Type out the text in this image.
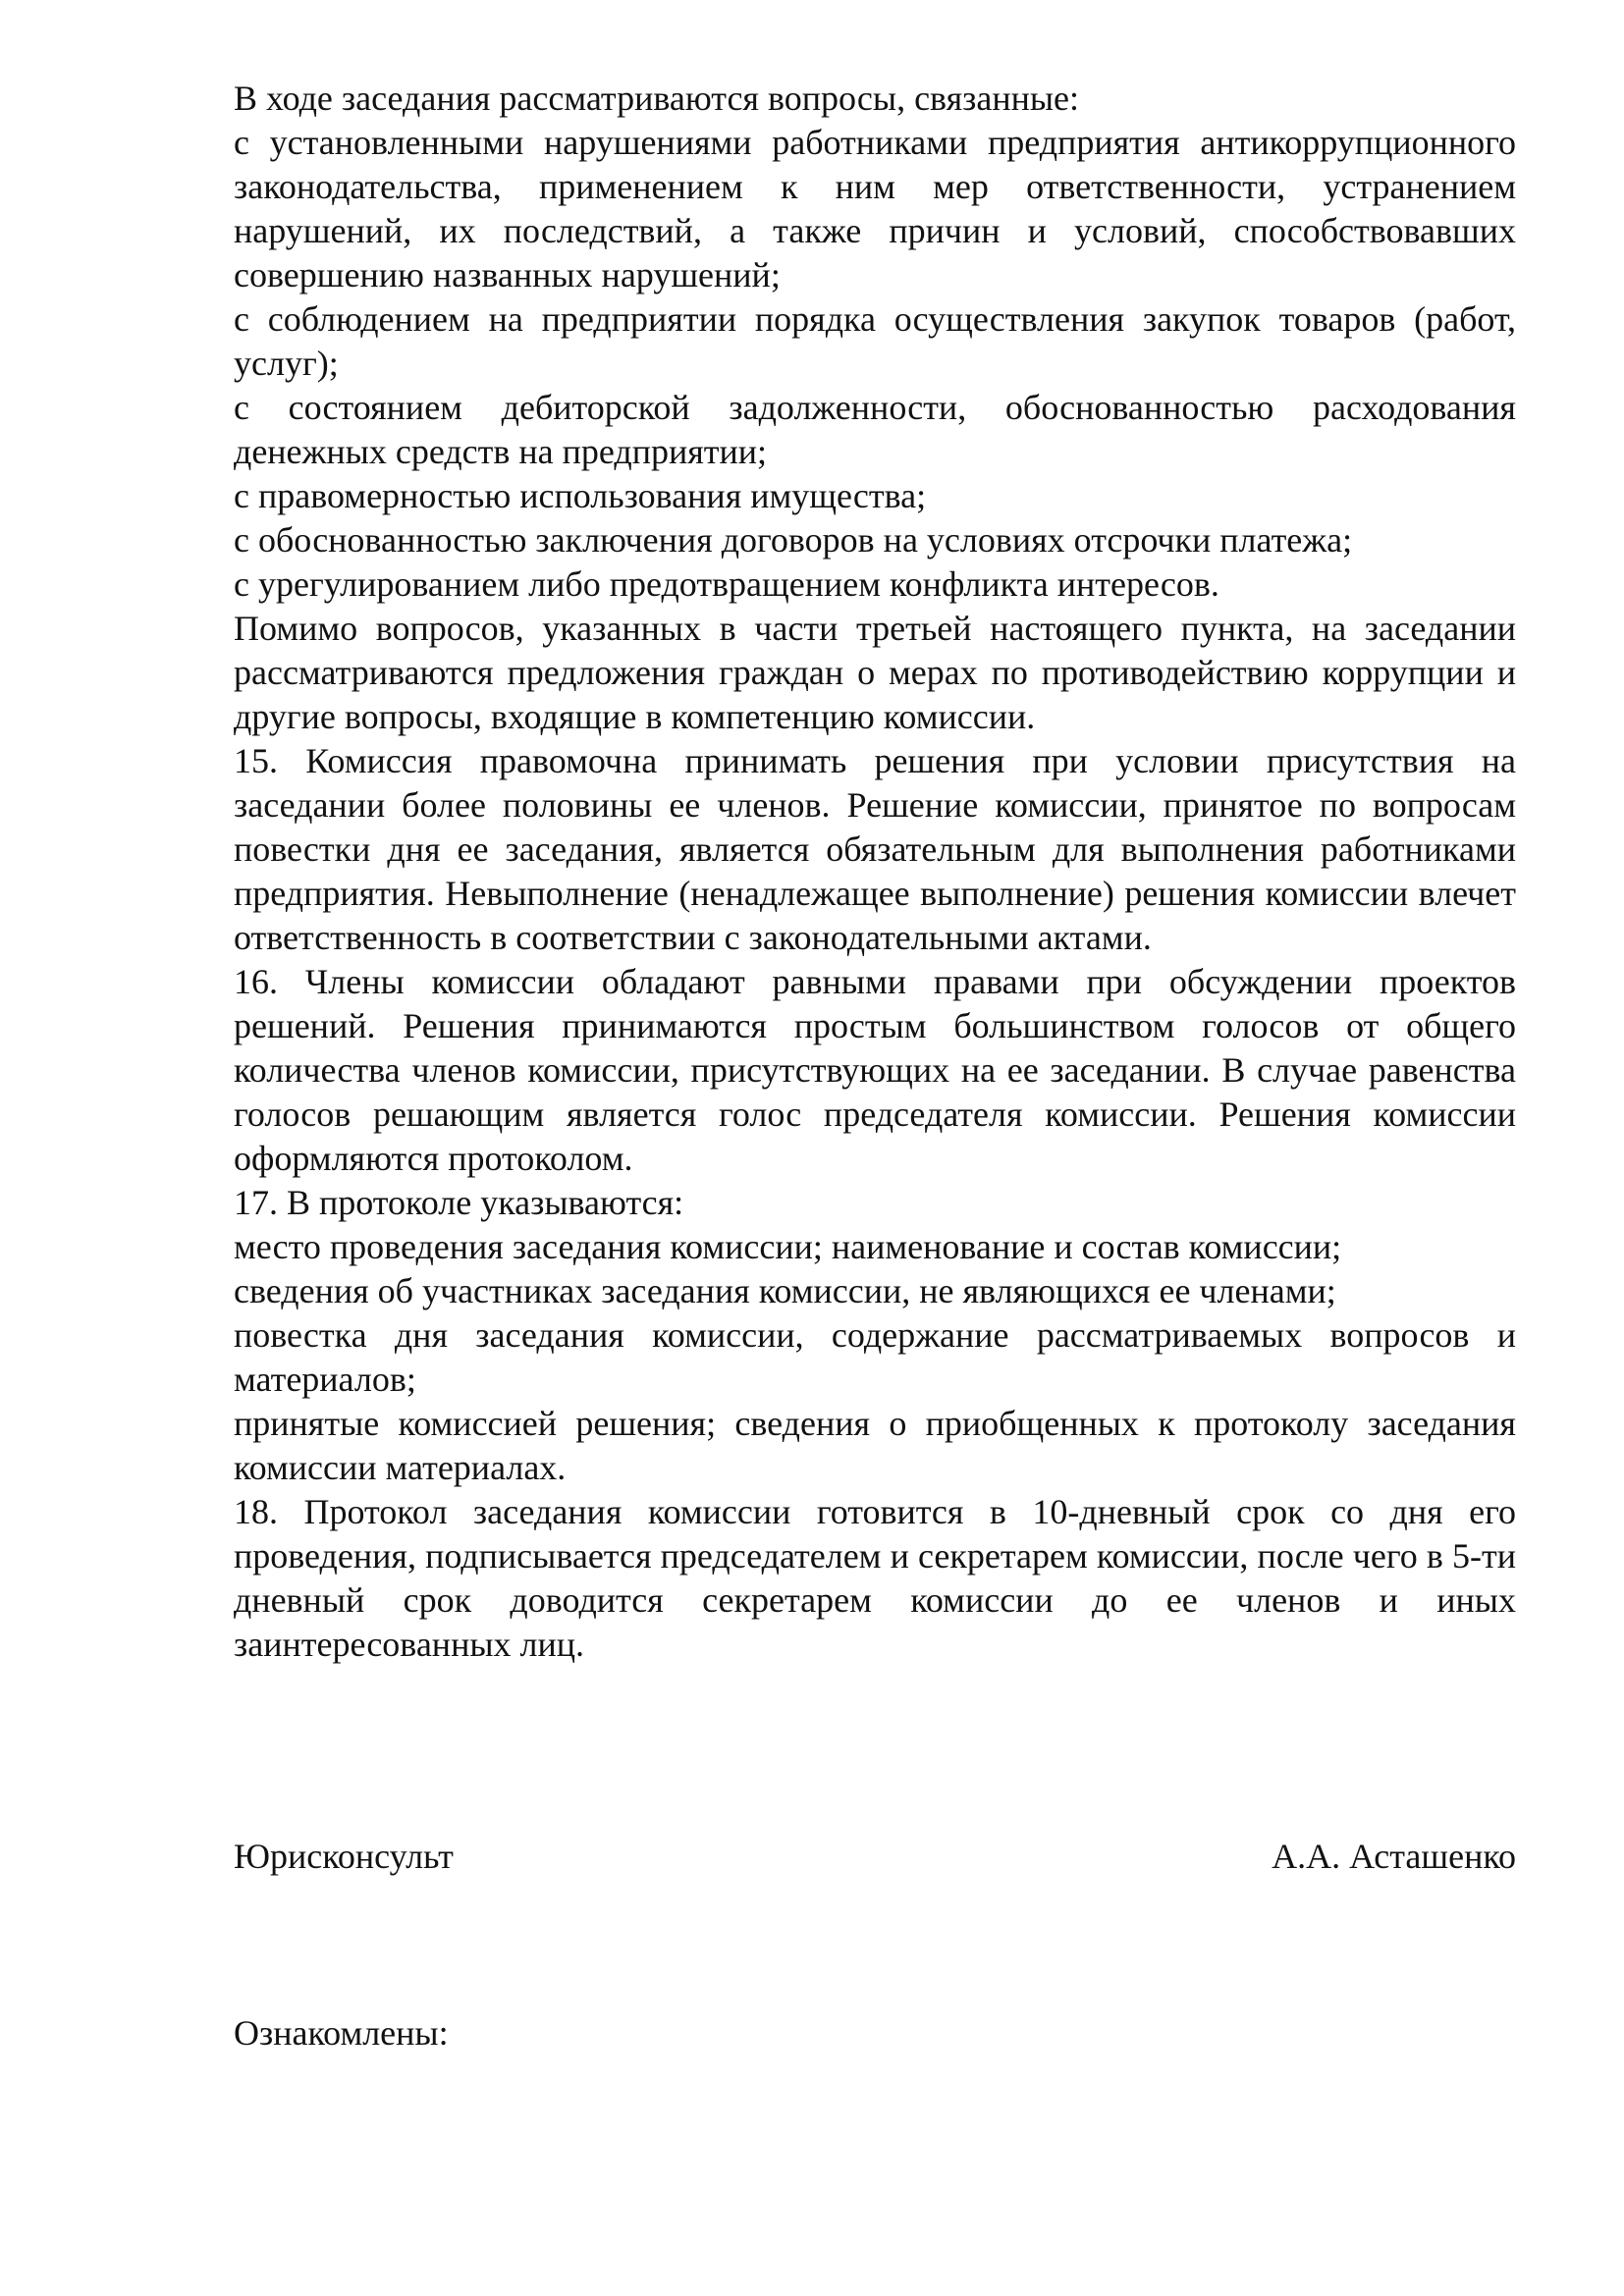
В ходе заседания рассматриваются вопросы, связанные:

с установленными нарушениями работниками предприятия антикоррупционного законодательства, применением к ним мер ответственности, устранением нарушений, их последствий, а также причин и условий, способствовавших совершению названных нарушений;

с соблюдением на предприятии порядка осуществления закупок товаров (работ, услуг);

с состоянием дебиторской задолженности, обоснованностью расходования денежных средств на предприятии;

с правомерностью использования имущества;

с обоснованностью заключения договоров на условиях отсрочки платежа;

с урегулированием либо предотвращением конфликта интересов.

Помимо вопросов, указанных в части третьей настоящего пункта, на заседании рассматриваются предложения граждан о мерах по противодействию коррупции и другие вопросы, входящие в компетенцию комиссии.

15. Комиссия правомочна принимать решения при условии присутствия на заседании более половины ее членов. Решение комиссии, принятое по вопросам повестки дня ее заседания, является обязательным для выполнения работниками предприятия. Невыполнение (ненадлежащее выполнение) решения комиссии влечет ответственность в соответствии с законодательными актами.

16. Члены комиссии обладают равными правами при обсуждении проектов решений. Решения принимаются простым большинством голосов от общего количества членов комиссии, присутствующих на ее заседании. В случае равенства голосов решающим является голос председателя комиссии. Решения комиссии оформляются протоколом.

17. В протоколе указываются:

место проведения заседания комиссии; наименование и состав комиссии;

сведения об участниках заседания комиссии, не являющихся ее членами;

повестка дня заседания комиссии, содержание рассматриваемых вопросов и материалов;

принятые комиссией решения; сведения о приобщенных к протоколу заседания комиссии материалах.

18. Протокол заседания комиссии готовится в 10-дневный срок со дня его проведения, подписывается председателем и секретарем комиссии, после чего в 5-ти дневный срок доводится секретарем комиссии до ее членов и иных заинтересованных лиц.

Юрисконсульт	А.А. Асташенко
Ознакомлены:
